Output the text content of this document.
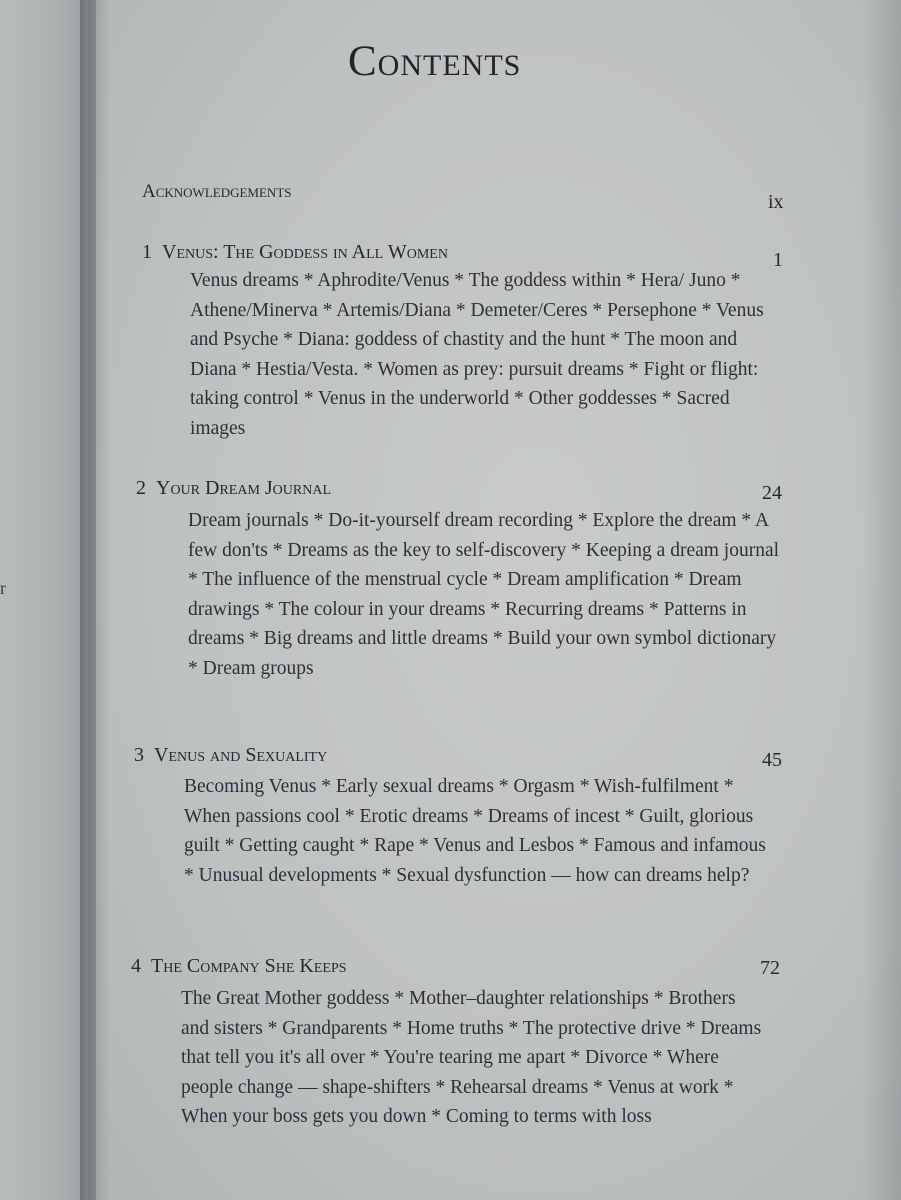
r
Contents
Acknowledgements	ix
1 Venus: The Goddess in All Women	1
Venus dreams * Aphrodite/Venus * The goddess within * Hera/ Juno * Athene/Minerva * Artemis/Diana * Demeter/Ceres * Persephone * Venus and Psyche * Diana: goddess of chastity and the hunt * The moon and Diana * Hestia/Vesta. * Women as prey: pursuit dreams * Fight or flight: taking control * Venus in the underworld * Other goddesses * Sacred images
2 Your Dream Journal	24
Dream journals * Do-it-yourself dream recording * Explore the dream * A few don'ts * Dreams as the key to self-discovery * Keeping a dream journal * The influence of the menstrual cycle * Dream amplification * Dream drawings * The colour in your dreams * Recurring dreams * Patterns in dreams * Big dreams and little dreams * Build your own symbol dictionary * Dream groups
3 Venus and Sexuality	45
Becoming Venus * Early sexual dreams * Orgasm * Wish-fulfilment * When passions cool * Erotic dreams * Dreams of incest * Guilt, glorious guilt * Getting caught * Rape * Venus and Lesbos * Famous and infamous * Unusual developments * Sexual dysfunction — how can dreams help?
4 The Company She Keeps	72
The Great Mother goddess * Mother–daughter relationships * Brothers and sisters * Grandparents * Home truths * The protective drive * Dreams that tell you it's all over * You're tearing me apart * Divorce * Where people change — shape-shifters * Rehearsal dreams * Venus at work * When your boss gets you down * Coming to terms with loss
